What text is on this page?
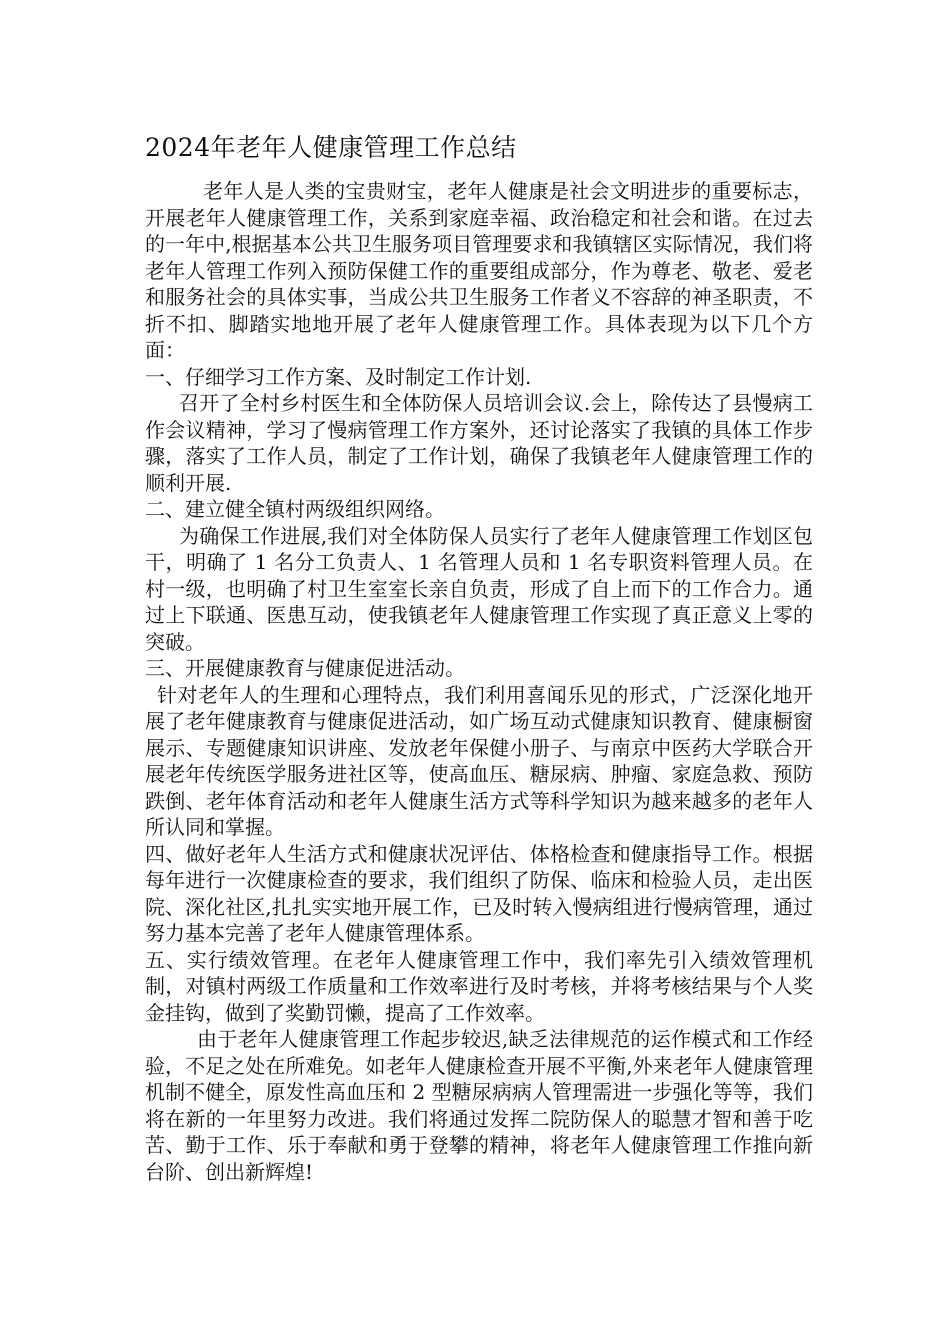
2024年老年人健康管理工作总结

老年人是人类的宝贵财宝，老年人健康是社会文明进步的重要标志，开展老年人健康管理工作，关系到家庭幸福、政治稳定和社会和谐。在过去的一年中,根据基本公共卫生服务项目管理要求和我镇辖区实际情况，我们将老年人管理工作列入预防保健工作的重要组成部分，作为尊老、敬老、爱老和服务社会的具体实事，当成公共卫生服务工作者义不容辞的神圣职责，不折不扣、脚踏实地地开展了老年人健康管理工作。具体表现为以下几个方面：

一、仔细学习工作方案、及时制定工作计划.

召开了全村乡村医生和全体防保人员培训会议.会上，除传达了县慢病工作会议精神，学习了慢病管理工作方案外，还讨论落实了我镇的具体工作步骤，落实了工作人员，制定了工作计划，确保了我镇老年人健康管理工作的顺利开展.

二、建立健全镇村两级组织网络。

为确保工作进展,我们对全体防保人员实行了老年人健康管理工作划区包干，明确了 1 名分工负责人、1 名管理人员和 1 名专职资料管理人员。在村一级，也明确了村卫生室室长亲自负责，形成了自上而下的工作合力。通过上下联通、医患互动，使我镇老年人健康管理工作实现了真正意义上零的突破。

三、开展健康教育与健康促进活动。

针对老年人的生理和心理特点，我们利用喜闻乐见的形式，广泛深化地开展了老年健康教育与健康促进活动，如广场互动式健康知识教育、健康橱窗展示、专题健康知识讲座、发放老年保健小册子、与南京中医药大学联合开展老年传统医学服务进社区等，使高血压、糖尿病、肿瘤、家庭急救、预防跌倒、老年体育活动和老年人健康生活方式等科学知识为越来越多的老年人所认同和掌握。

四、做好老年人生活方式和健康状况评估、体格检查和健康指导工作。根据每年进行一次健康检查的要求，我们组织了防保、临床和检验人员，走出医院、深化社区,扎扎实实地开展工作，已及时转入慢病组进行慢病管理，通过努力基本完善了老年人健康管理体系。

五、实行绩效管理。在老年人健康管理工作中，我们率先引入绩效管理机制，对镇村两级工作质量和工作效率进行及时考核，并将考核结果与个人奖金挂钩，做到了奖勤罚懒，提高了工作效率。

由于老年人健康管理工作起步较迟,缺乏法律规范的运作模式和工作经验，不足之处在所难免。如老年人健康检查开展不平衡,外来老年人健康管理机制不健全，原发性高血压和 2 型糖尿病病人管理需进一步强化等等，我们将在新的一年里努力改进。我们将通过发挥二院防保人的聪慧才智和善于吃苦、勤于工作、乐于奉献和勇于登攀的精神，将老年人健康管理工作推向新台阶、创出新辉煌!
